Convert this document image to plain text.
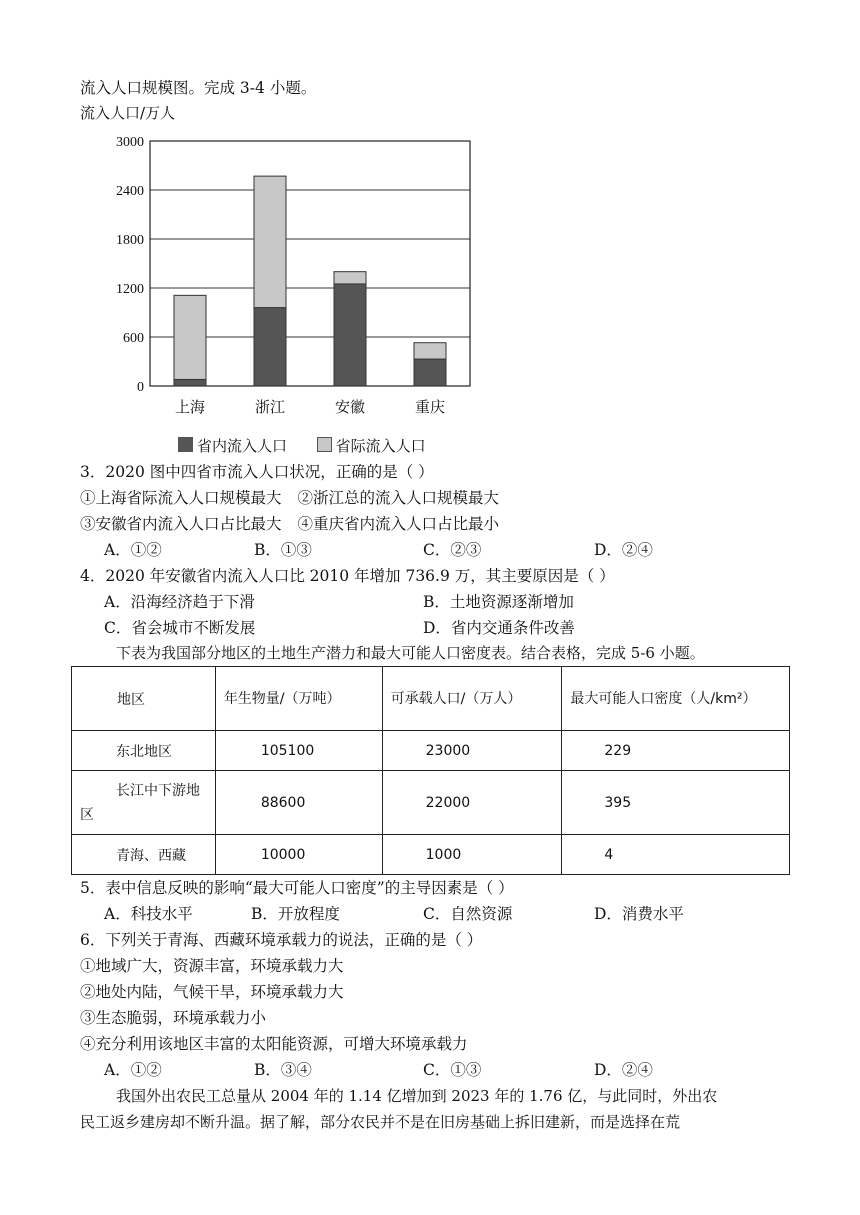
流入人口规模图。完成 3-4 小题。
流入人口/万人
3000
2400
1800
1200
600
0
上海	浙江	安徽	重庆
省内流入人口	省际流入人口
3．2020 图中四省市流入人口状况，正确的是（ ）
①上海省际流入人口规模最大 ②浙江总的流入人口规模最大
③安徽省内流入人口占比最大 ④重庆省内流入人口占比最小
A．①②	B．①③	C．②③	D．②④
4．2020 年安徽省内流入人口比 2010 年增加 736.9 万，其主要原因是（ ）
A．沿海经济趋于下滑	B．土地资源逐渐增加
C．省会城市不断发展	D．省内交通条件改善
下表为我国部分地区的土地生产潜力和最大可能人口密度表。结合表格，完成 5-6 小题。
地区	年生物量/（万吨）	可承载人口/（万人）	最大可能人口密度（人/km²）
东北地区	105100	23000	229
长江中下游地区	88600	22000	395
青海、西藏	10000	1000	4
5．表中信息反映的影响“最大可能人口密度”的主导因素是（ ）
A．科技水平	B．开放程度	C．自然资源	D．消费水平
6．下列关于青海、西藏环境承载力的说法，正确的是（ ）
①地域广大，资源丰富，环境承载力大
②地处内陆，气候干旱，环境承载力大
③生态脆弱，环境承载力小
④充分利用该地区丰富的太阳能资源，可增大环境承载力
A．①②	B．③④	C．①③	D．②④
我国外出农民工总量从 2004 年的 1.14 亿增加到 2023 年的 1.76 亿，与此同时，外出农
民工返乡建房却不断升温。据了解，部分农民并不是在旧房基础上拆旧建新，而是选择在荒
